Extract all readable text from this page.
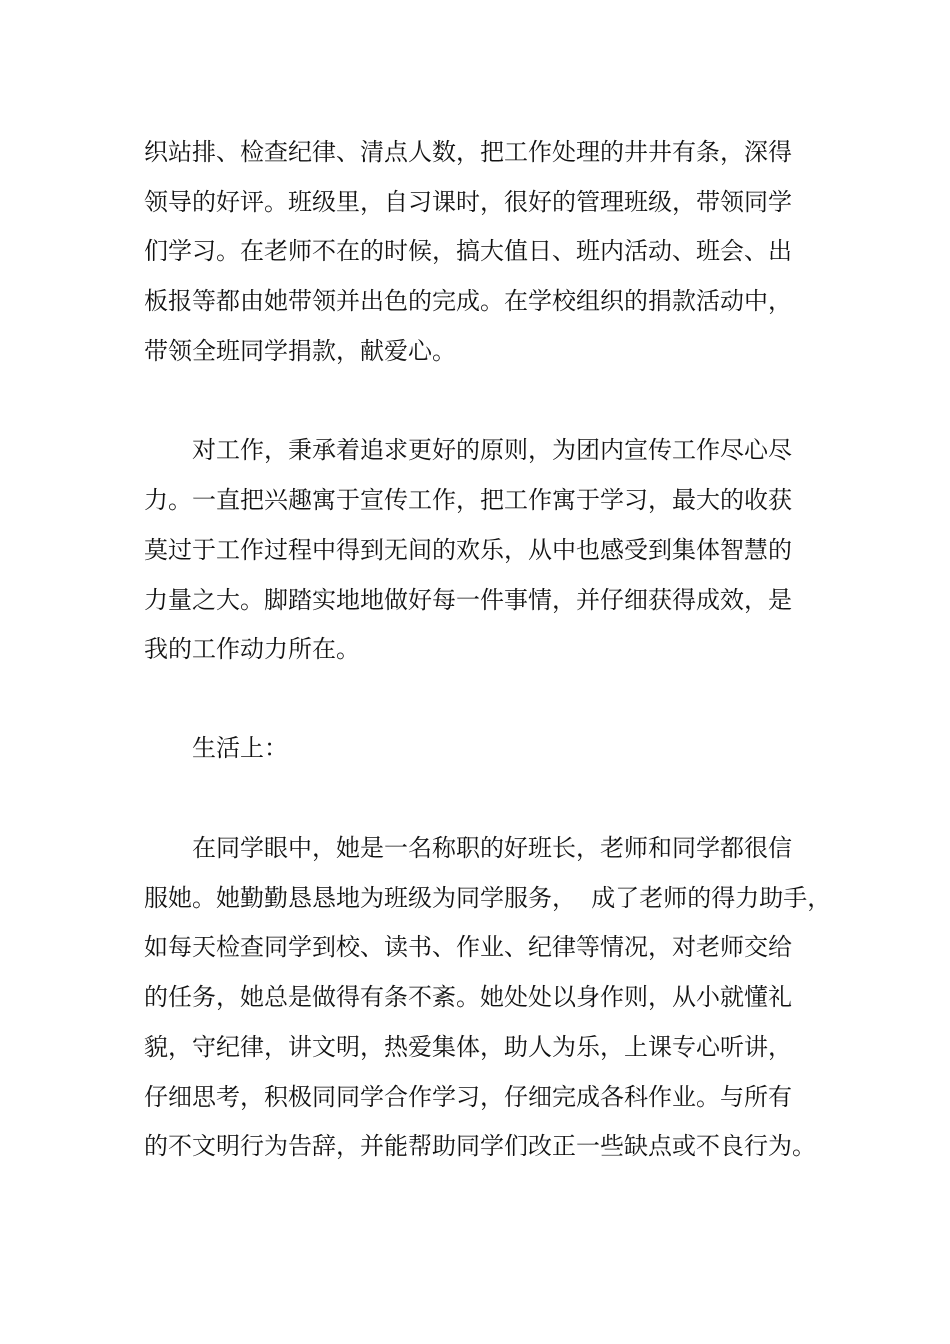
织站排、检查纪律、清点人数，把工作处理的井井有条，深得
领导的好评。班级里，自习课时，很好的管理班级，带领同学
们学习。在老师不在的时候，搞大值日、班内活动、班会、出
板报等都由她带领并出色的完成。在学校组织的捐款活动中，
带领全班同学捐款，献爱心。
对工作，秉承着追求更好的原则，为团内宣传工作尽心尽
力。一直把兴趣寓于宣传工作，把工作寓于学习，最大的收获
莫过于工作过程中得到无间的欢乐，从中也感受到集体智慧的
力量之大。脚踏实地地做好每一件事情，并仔细获得成效，是
我的工作动力所在。
生活上：
在同学眼中，她是一名称职的好班长，老师和同学都很信
服她。她勤勤恳恳地为班级为同学服务，  成了老师的得力助手，
如每天检查同学到校、读书、作业、纪律等情况，对老师交给
的任务，她总是做得有条不紊。她处处以身作则，从小就懂礼
貌，守纪律，讲文明，热爱集体，助人为乐，上课专心听讲，
仔细思考，积极同同学合作学习，仔细完成各科作业。与所有
的不文明行为告辞，并能帮助同学们改正一些缺点或不良行为。
